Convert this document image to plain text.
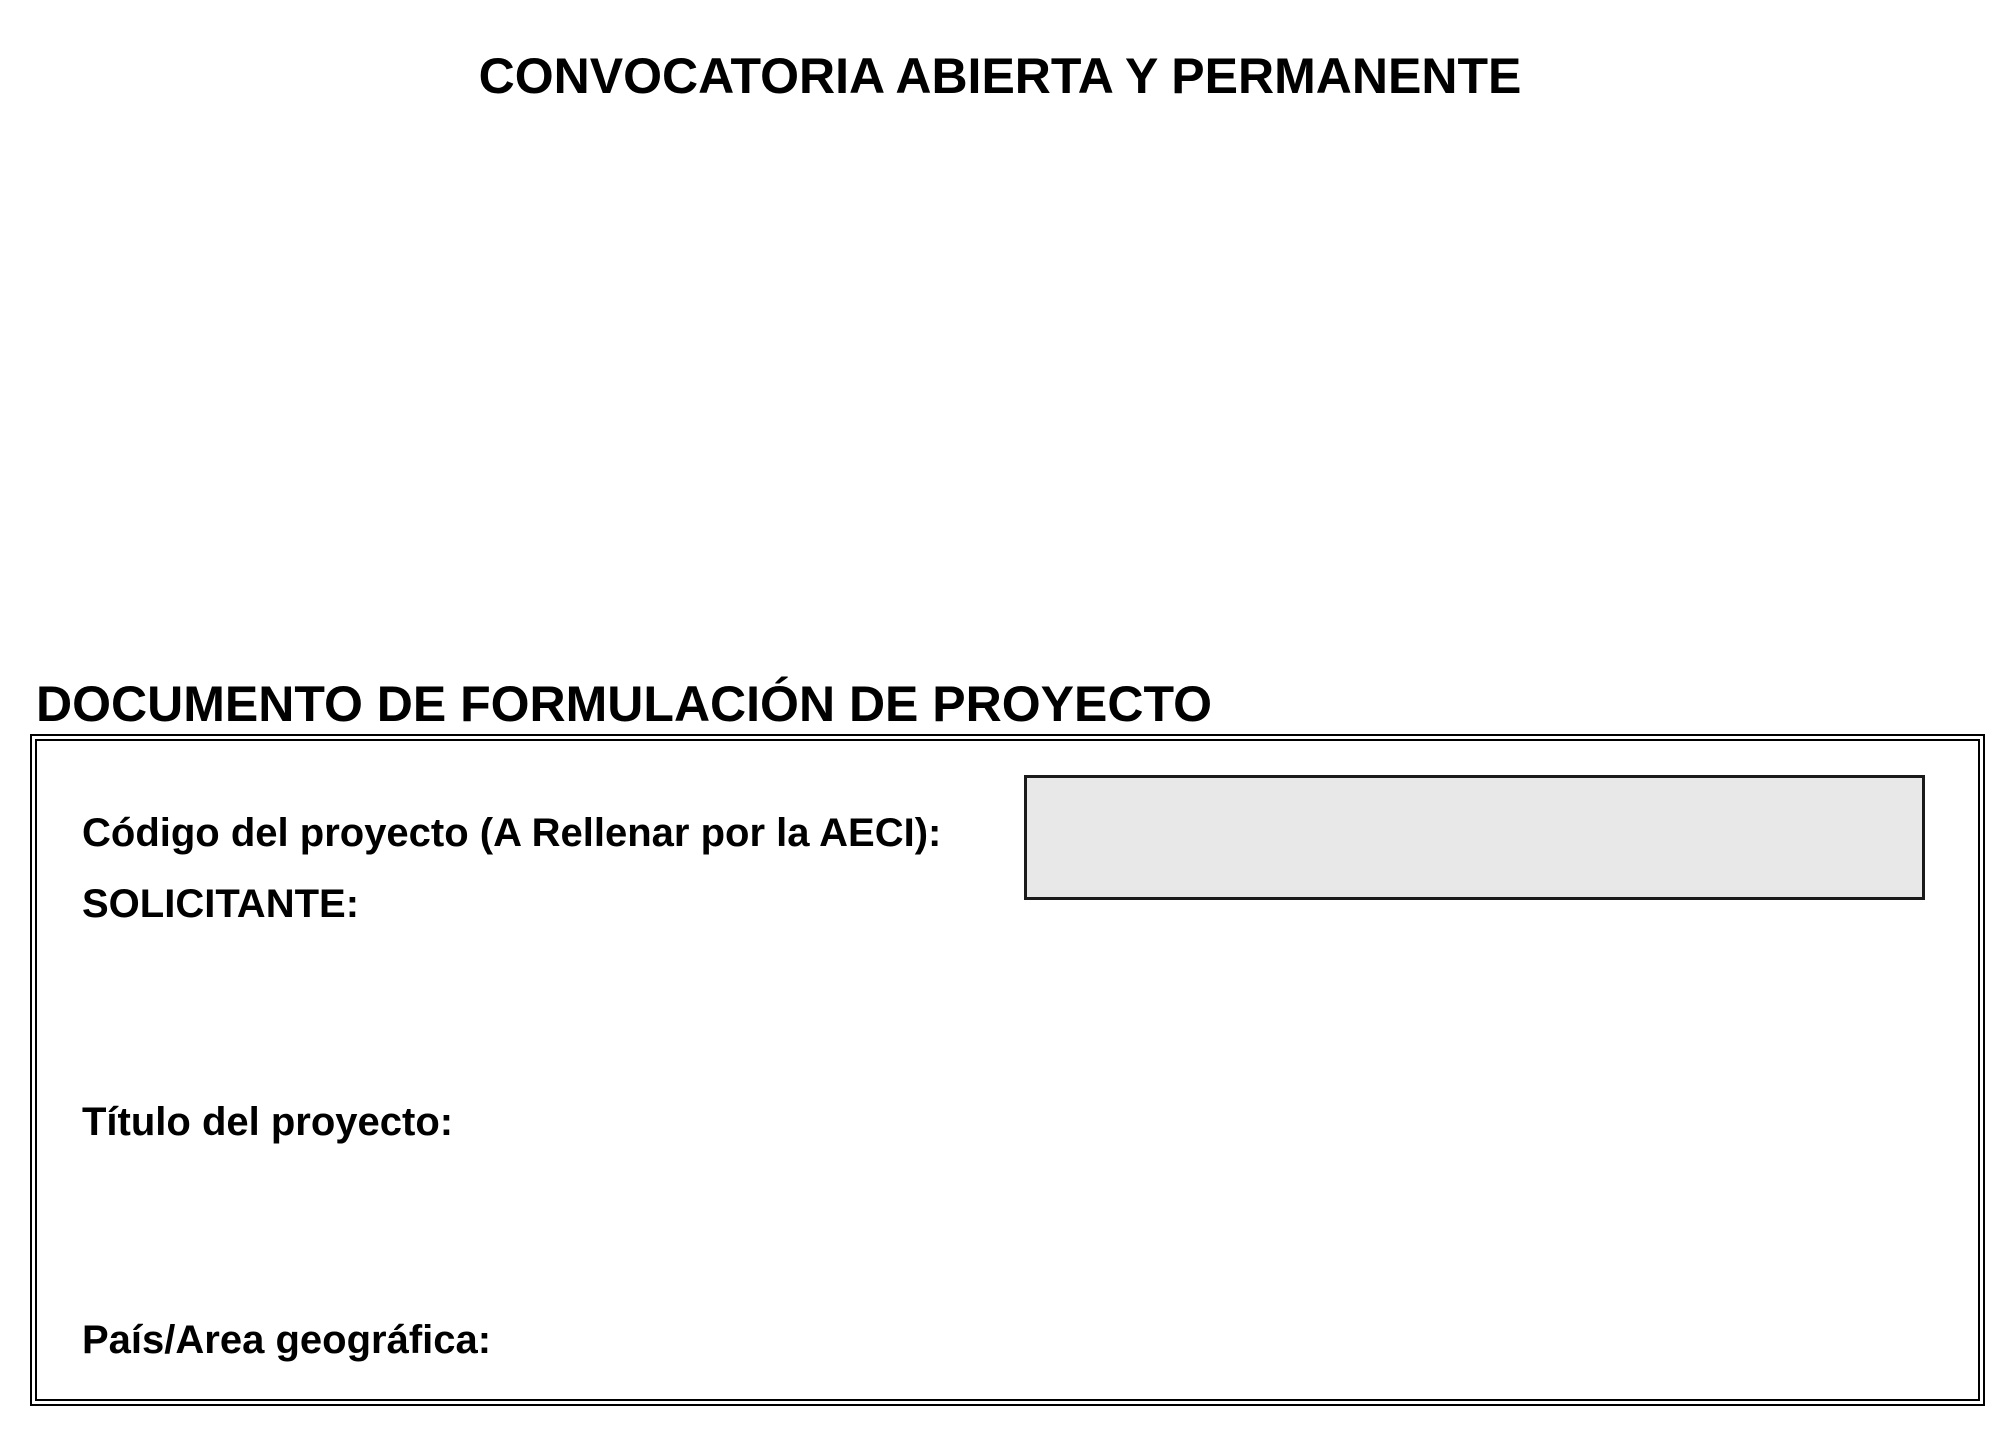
CONVOCATORIA ABIERTA Y PERMANENTE
DOCUMENTO DE FORMULACIÓN DE PROYECTO
Código del proyecto (A Rellenar por la AECI):
SOLICITANTE:
Título del proyecto:
País/Area geográfica:
